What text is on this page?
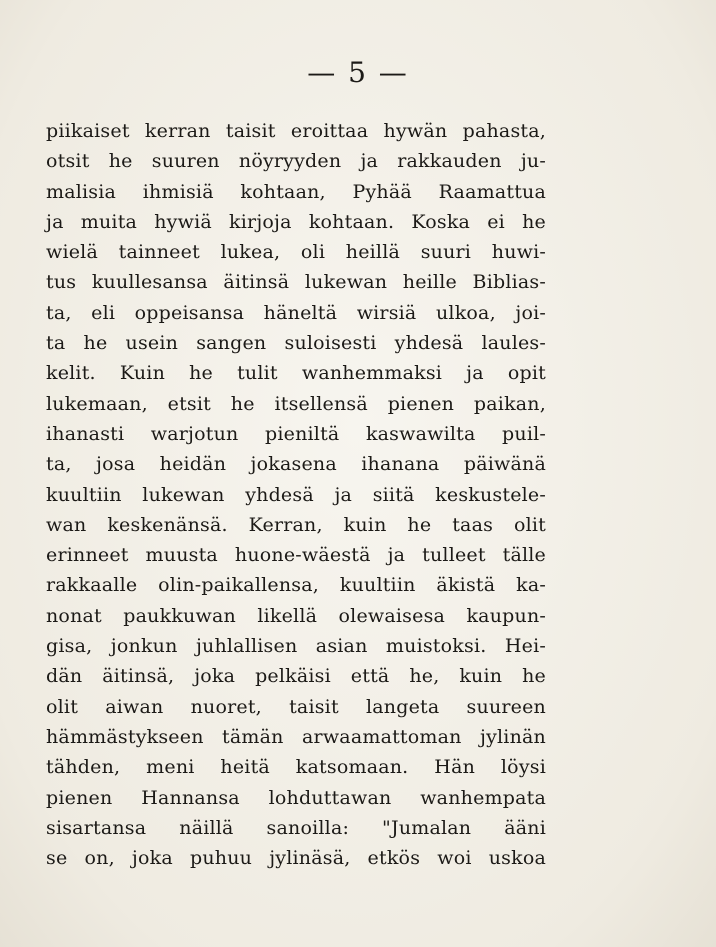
— 5 —
piikaiset kerran taisit eroittaa hywän pahasta,
otsit he suuren nöyryyden ja rakkauden ju-
malisia ihmisiä kohtaan, Pyhää Raamattua
ja muita hywiä kirjoja kohtaan. Koska ei he
wielä tainneet lukea, oli heillä suuri huwi-
tus kuullesansa äitinsä lukewan heille Biblias-
ta, eli oppeisansa häneltä wirsiä ulkoa, joi-
ta he usein sangen suloisesti yhdesä laules-
kelit. Kuin he tulit wanhemmaksi ja opit
lukemaan, etsit he itsellensä pienen paikan,
ihanasti warjotun pieniltä kaswawilta puil-
ta, josa heidän jokasena ihanana päiwänä
kuultiin lukewan yhdesä ja siitä keskustele-
wan keskenänsä. Kerran, kuin he taas olit
erinneet muusta huone-wäestä ja tulleet tälle
rakkaalle olin-paikallensa, kuultiin äkistä ka-
nonat paukkuwan likellä olewaisesa kaupun-
gisa, jonkun juhlallisen asian muistoksi. Hei-
dän äitinsä, joka pelkäisi että he, kuin he
olit aiwan nuoret, taisit langeta suureen
hämmästykseen tämän arwaamattoman jylinän
tähden, meni heitä katsomaan. Hän löysi
pienen Hannansa lohduttawan wanhempata
sisartansa näillä sanoilla: "Jumalan ääni
se on, joka puhuu jylinäsä, etkös woi uskoa
